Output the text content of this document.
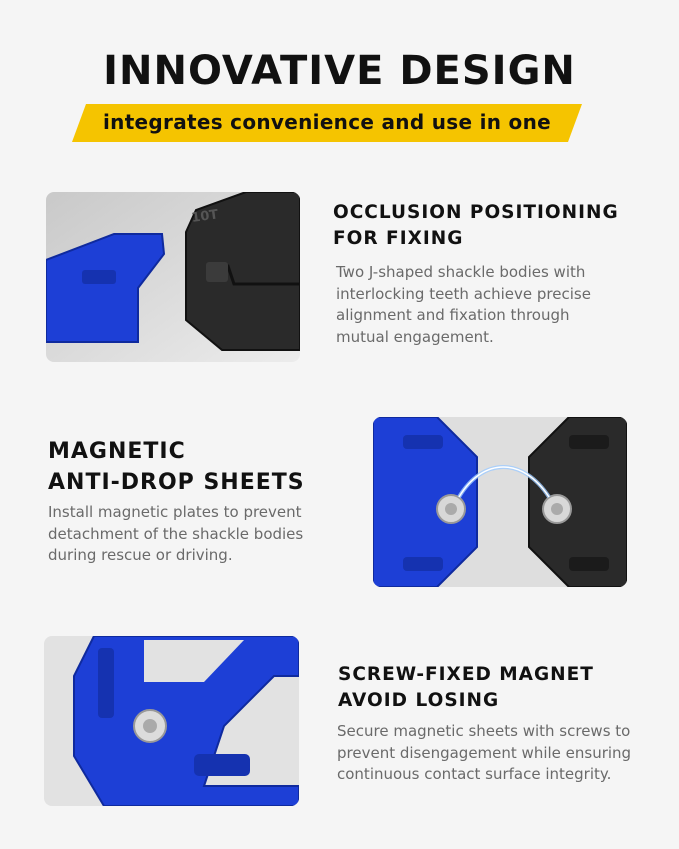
INNOVATIVE DESIGN
integrates convenience and use in one
10T	OCCLUSION POSITIONING
FOR FIXING
Two J-shaped shackle bodies with
interlocking teeth achieve precise
alignment and fixation through
mutual engagement.
MAGNETIC
ANTI-DROP SHEETS
Install magnetic plates to prevent
detachment of the shackle bodies
during rescue or driving.
SCREW-FIXED MAGNET
AVOID LOSING
Secure magnetic sheets with screws to
prevent disengagement while ensuring
continuous contact surface integrity.
